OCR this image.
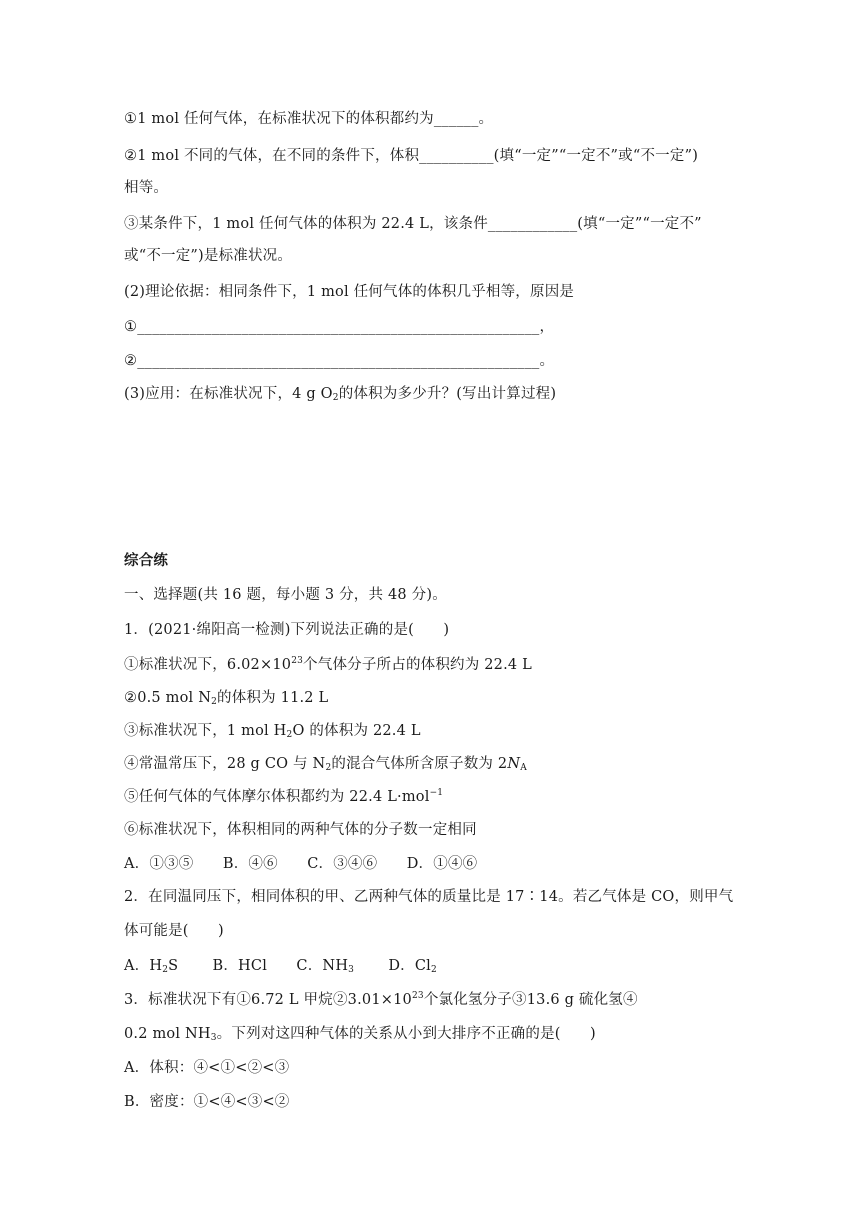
①1 mol 任何气体，在标准状况下的体积都约为______。
②1 mol 不同的气体，在不同的条件下，体积__________(填“一定”“一定不”或“不一定”)
相等。
③某条件下，1 mol 任何气体的体积为 22.4 L，该条件____________(填“一定”“一定不”
或“不一定”)是标准状况。
(2)理论依据：相同条件下，1 mol 任何气体的体积几乎相等，原因是
①______________________________________________________，
②______________________________________________________。
(3)应用：在标准状况下，4 g $O_2$的体积为多少升？(写出计算过程)
综合练
一、选择题(共 16 题，每小题 3 分，共 48 分)。
1．(2021·绵阳高一检测)下列说法正确的是(　　)
①标准状况下，$6.02\times 10^{23}$个气体分子所占的体积约为 22.4 L
②0.5 mol $N_2$的体积为 11.2 L
③标准状况下，1 mol $H_2O$ 的体积为 22.4 L
④常温常压下，28 g CO 与 $N_2$的混合气体所含原子数为 $2N_A$
⑤任何气体的气体摩尔体积都约为 22.4 L·mol$^{-1}$
⑥标准状况下，体积相同的两种气体的分子数一定相同
A．①③⑤　　B．④⑥　　C．③④⑥　　D．①④⑥
2．在同温同压下，相同体积的甲、乙两种气体的质量比是 17∶14。若乙气体是 CO，则甲气
体可能是(　　)
A．$H_2S$　　 B．HCl　　C．$NH_3$　　 D．$Cl_2$
3．标准状况下有①6.72 L 甲烷$②3.01\times 10^{23}$个氯化氢分子③13.6 g 硫化氢④
0.2 mol $NH_3$。下列对这四种气体的关系从小到大排序不正确的是(　　)
A．体积：④<①<②<③
B．密度：①<④<③<②
